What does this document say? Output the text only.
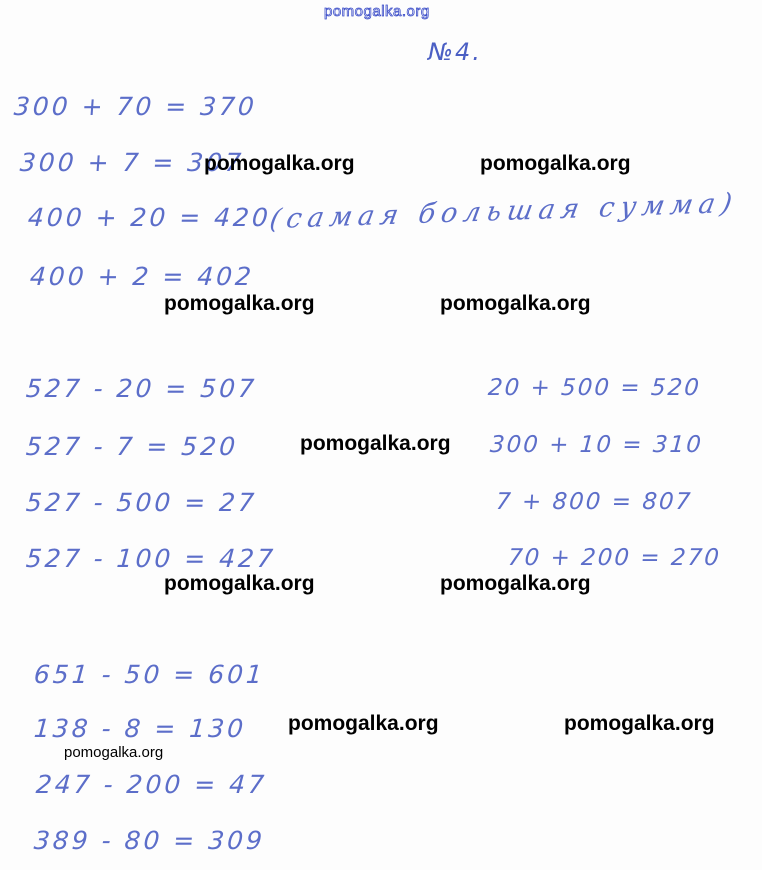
pomogalka.org
№4.
300 + 70 = 370
300 + 7 = 307
400 + 20 = 420
(самая большая сумма)
400 + 2 = 402
527 - 20 = 507
527 - 7 = 520
527 - 500 = 27
527 - 100 = 427
20 + 500 = 520
300 + 10 = 310
7 + 800 = 807
70 + 200 = 270
651 - 50 = 601
138 - 8 = 130
247 - 200 = 47
389 - 80 = 309
pomogalka.org	pomogalka.org
pomogalka.org	pomogalka.org
pomogalka.org
pomogalka.org	pomogalka.org
pomogalka.org	pomogalka.org
pomogalka.org
